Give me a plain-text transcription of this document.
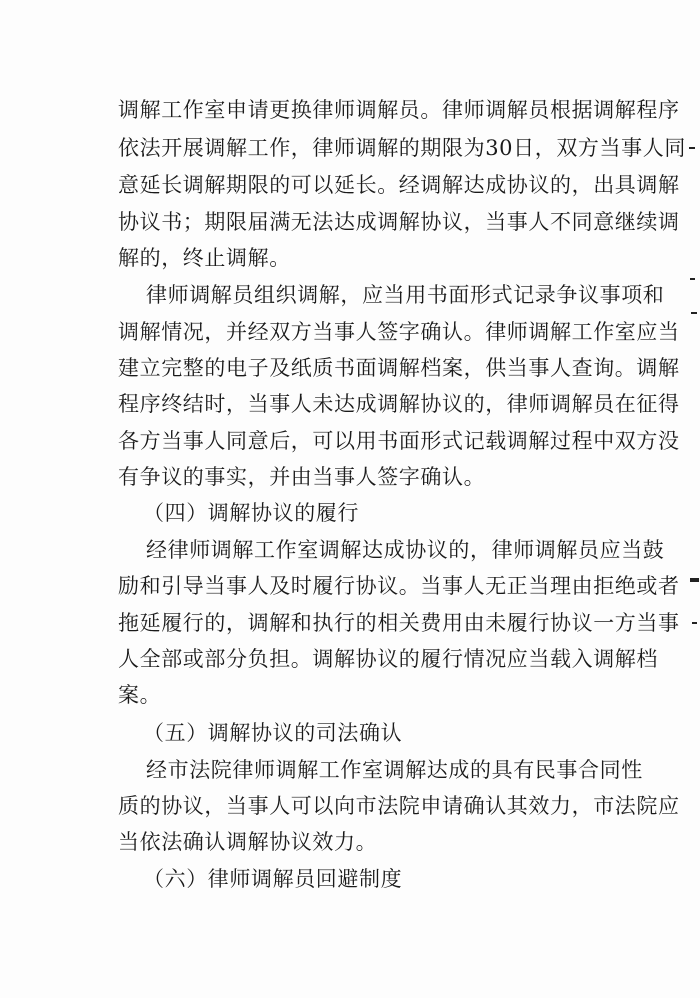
调解工作室申请更换律师调解员。律师调解员根据调解程序
依法开展调解工作，律师调解的期限为30日，双方当事人同
意延长调解期限的可以延长。经调解达成协议的，出具调解
协议书；期限届满无法达成调解协议，当事人不同意继续调
解的，终止调解。
律师调解员组织调解，应当用书面形式记录争议事项和
调解情况，并经双方当事人签字确认。律师调解工作室应当
建立完整的电子及纸质书面调解档案，供当事人查询。调解
程序终结时，当事人未达成调解协议的，律师调解员在征得
各方当事人同意后，可以用书面形式记载调解过程中双方没
有争议的事实，并由当事人签字确认。
（四）调解协议的履行
经律师调解工作室调解达成协议的，律师调解员应当鼓
励和引导当事人及时履行协议。当事人无正当理由拒绝或者
拖延履行的，调解和执行的相关费用由未履行协议一方当事
人全部或部分负担。调解协议的履行情况应当载入调解档
案。
（五）调解协议的司法确认
经市法院律师调解工作室调解达成的具有民事合同性
质的协议，当事人可以向市法院申请确认其效力，市法院应
当依法确认调解协议效力。
（六）律师调解员回避制度
